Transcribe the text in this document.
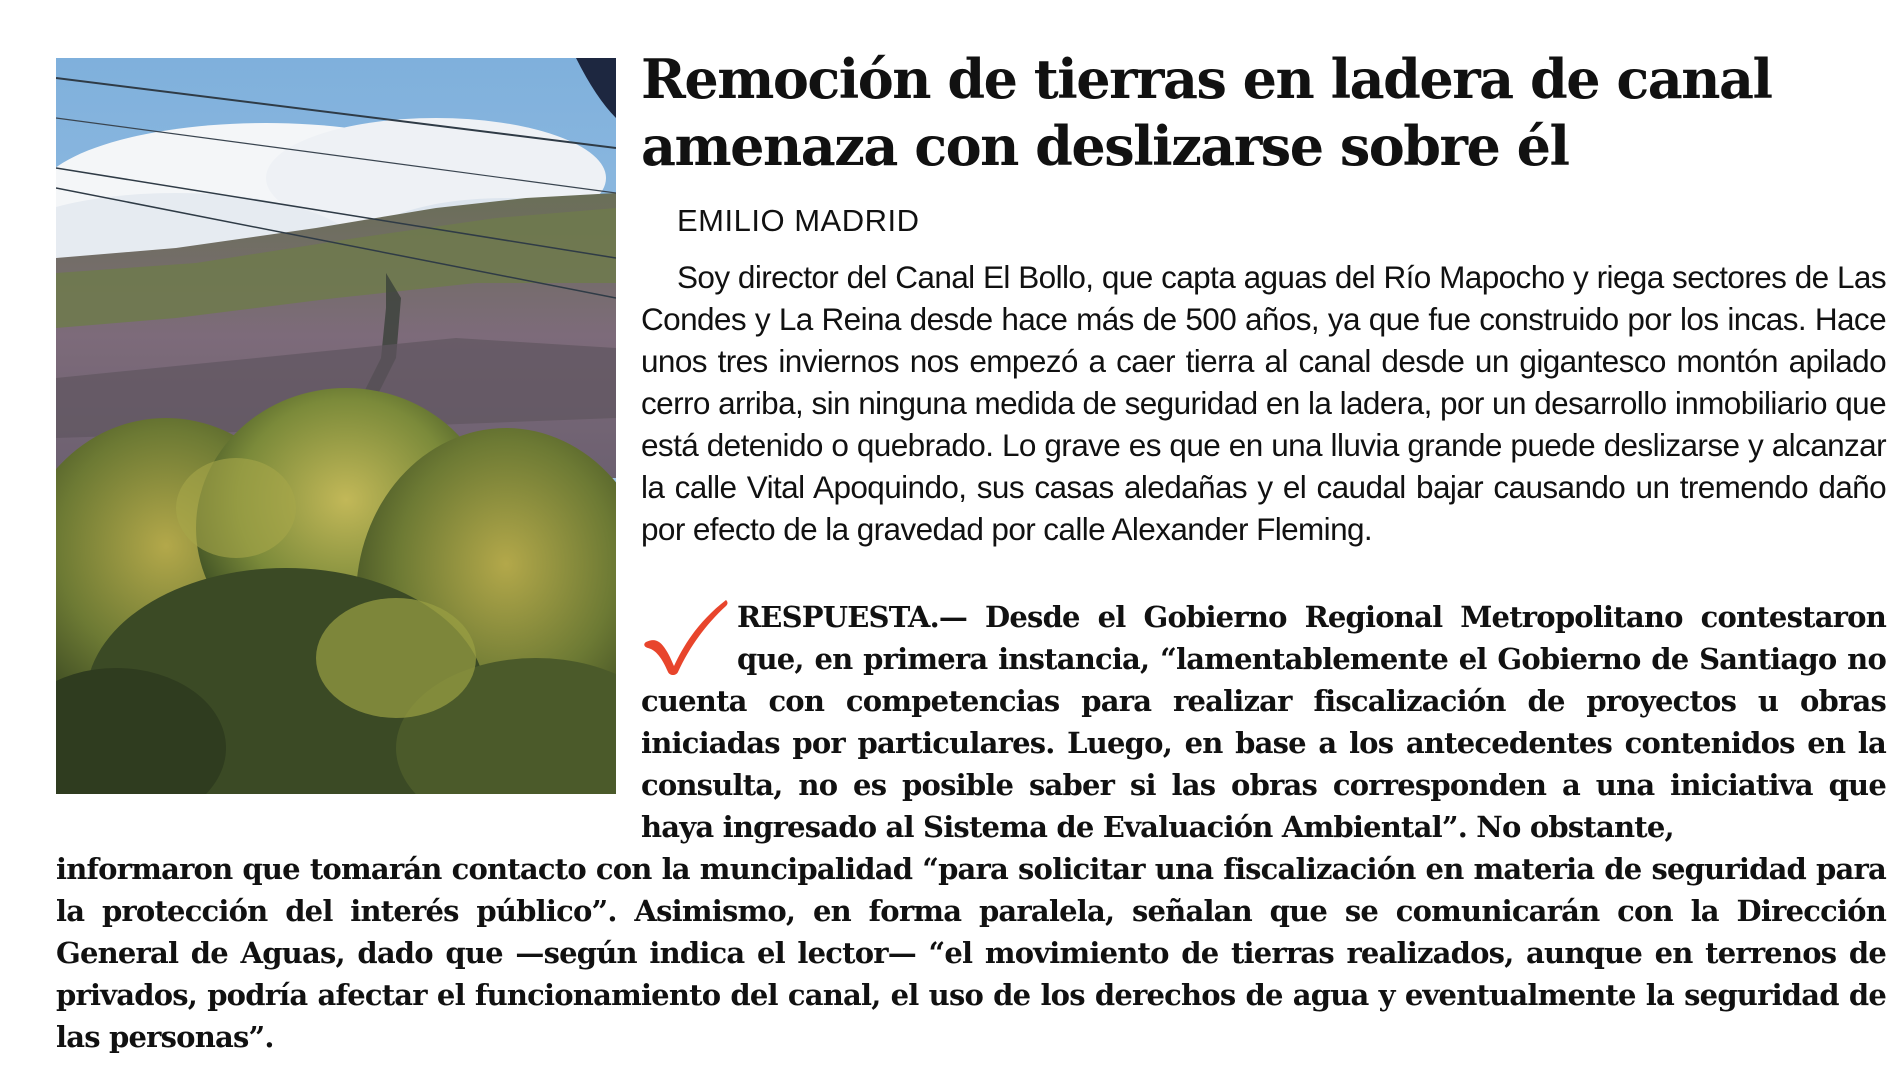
Remoción de tierras en ladera de canal amenaza con deslizarse sobre él

EMILIO MADRID

Soy director del Canal El Bollo, que capta aguas del Río Mapocho y riega sectores de Las Condes y La Reina desde hace más de 500 años, ya que fue construido por los incas. Hace unos tres inviernos nos empezó a caer tierra al canal desde un gigantesco montón apilado cerro arriba, sin ninguna medida de seguridad en la ladera, por un desarrollo inmobiliario que está detenido o quebrado. Lo grave es que en una lluvia grande puede deslizarse y alcanzar la calle Vital Apoquindo, sus casas aledañas y el caudal bajar causando un tremendo daño por efecto de la gravedad por calle Alexander Fleming.

RESPUESTA.— Desde el Gobierno Regional Metropolitano contestaron que, en primera instancia, “lamentablemente el Gobierno de Santiago no cuenta con competencias para realizar fiscalización de proyectos u obras iniciadas por particulares. Luego, en base a los antecedentes contenidos en la consulta, no es posible saber si las obras corresponden a una iniciativa que haya ingresado al Sistema de Evaluación Ambiental”. No obstante,

informaron que tomarán contacto con la muncipalidad “para solicitar una fiscalización en materia de seguridad para la protección del interés público”. Asimismo, en forma paralela, señalan que se comunicarán con la Dirección General de Aguas, dado que —según indica el lector— “el movimiento de tierras realizados, aunque en terrenos de privados, podría afectar el funcionamiento del canal, el uso de los derechos de agua y eventualmente la seguridad de las personas”.
